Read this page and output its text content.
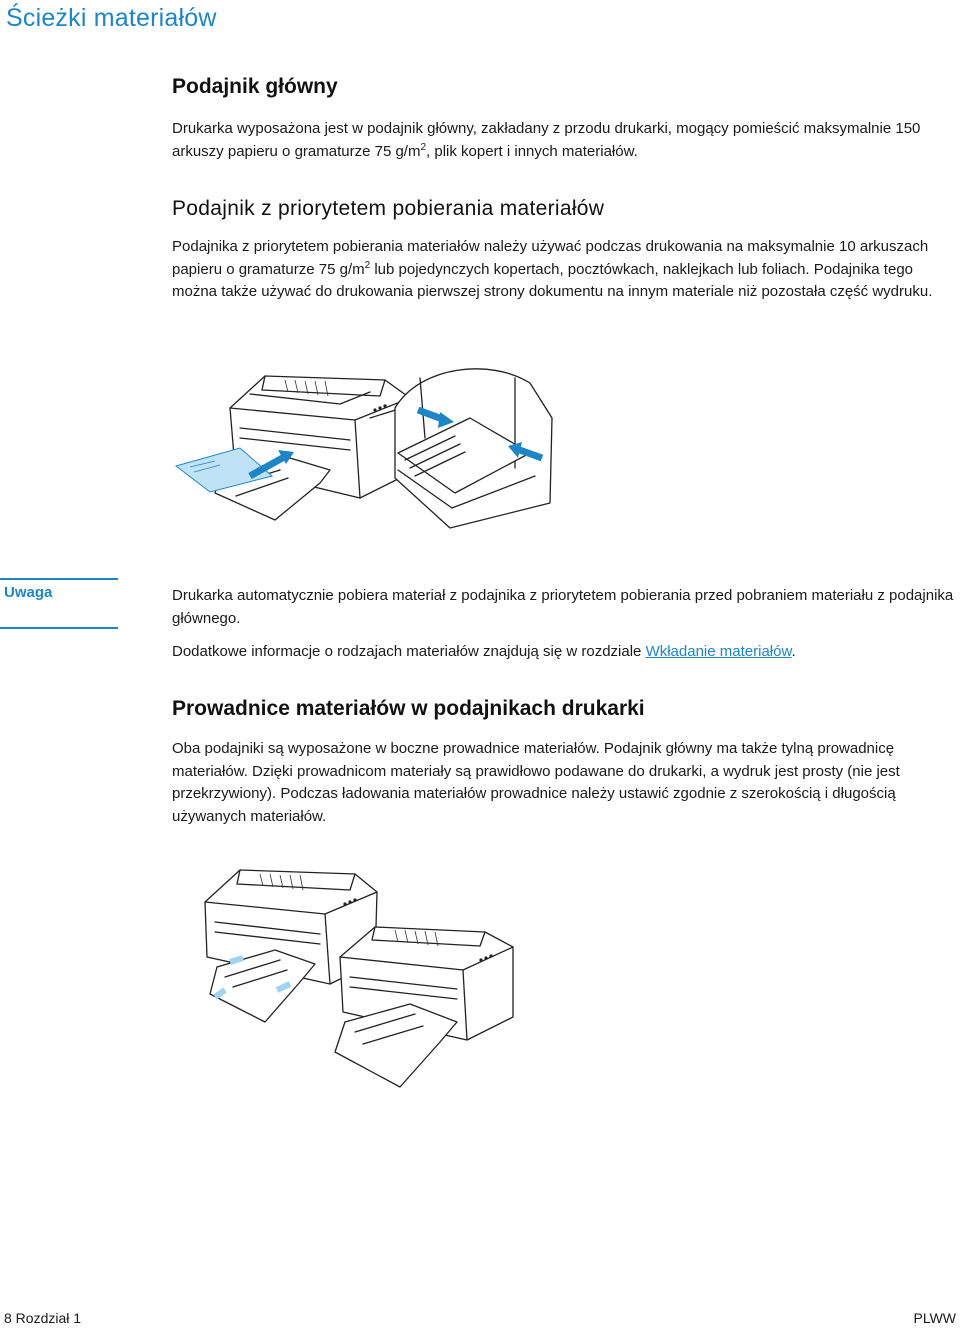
Ścieżki materiałów
Podajnik główny

Drukarka wyposażona jest w podajnik główny, zakładany z przodu drukarki, mogący pomieścić maksymalnie 150 arkuszy papieru o gramaturze 75 $g/m^2$, plik kopert i innych materiałów.

Podajnik z priorytetem pobierania materiałów

Podajnika z priorytetem pobierania materiałów należy używać podczas drukowania na maksymalnie 10 arkuszach papieru o gramaturze 75 $g/m^2$ lub pojedynczych kopertach, pocztówkach, naklejkach lub foliach. Podajnika tego można także używać do drukowania pierwszej strony dokumentu na innym materiale niż pozostała część wydruku.

Uwaga	Drukarka automatycznie pobiera materiał z podajnika z priorytetem pobierania przed pobraniem materiału z podajnika głównego.

Dodatkowe informacje o rodzajach materiałów znajdują się w rozdziale Wkładanie materiałów.

Prowadnice materiałów w podajnikach drukarki

Oba podajniki są wyposażone w boczne prowadnice materiałów. Podajnik główny ma także tylną prowadnicę materiałów. Dzięki prowadnicom materiały są prawidłowo podawane do drukarki, a wydruk jest prosty (nie jest przekrzywiony). Podczas ładowania materiałów prowadnice należy ustawić zgodnie z szerokością i długością używanych materiałów.

8 Rozdział 1	PLWW
